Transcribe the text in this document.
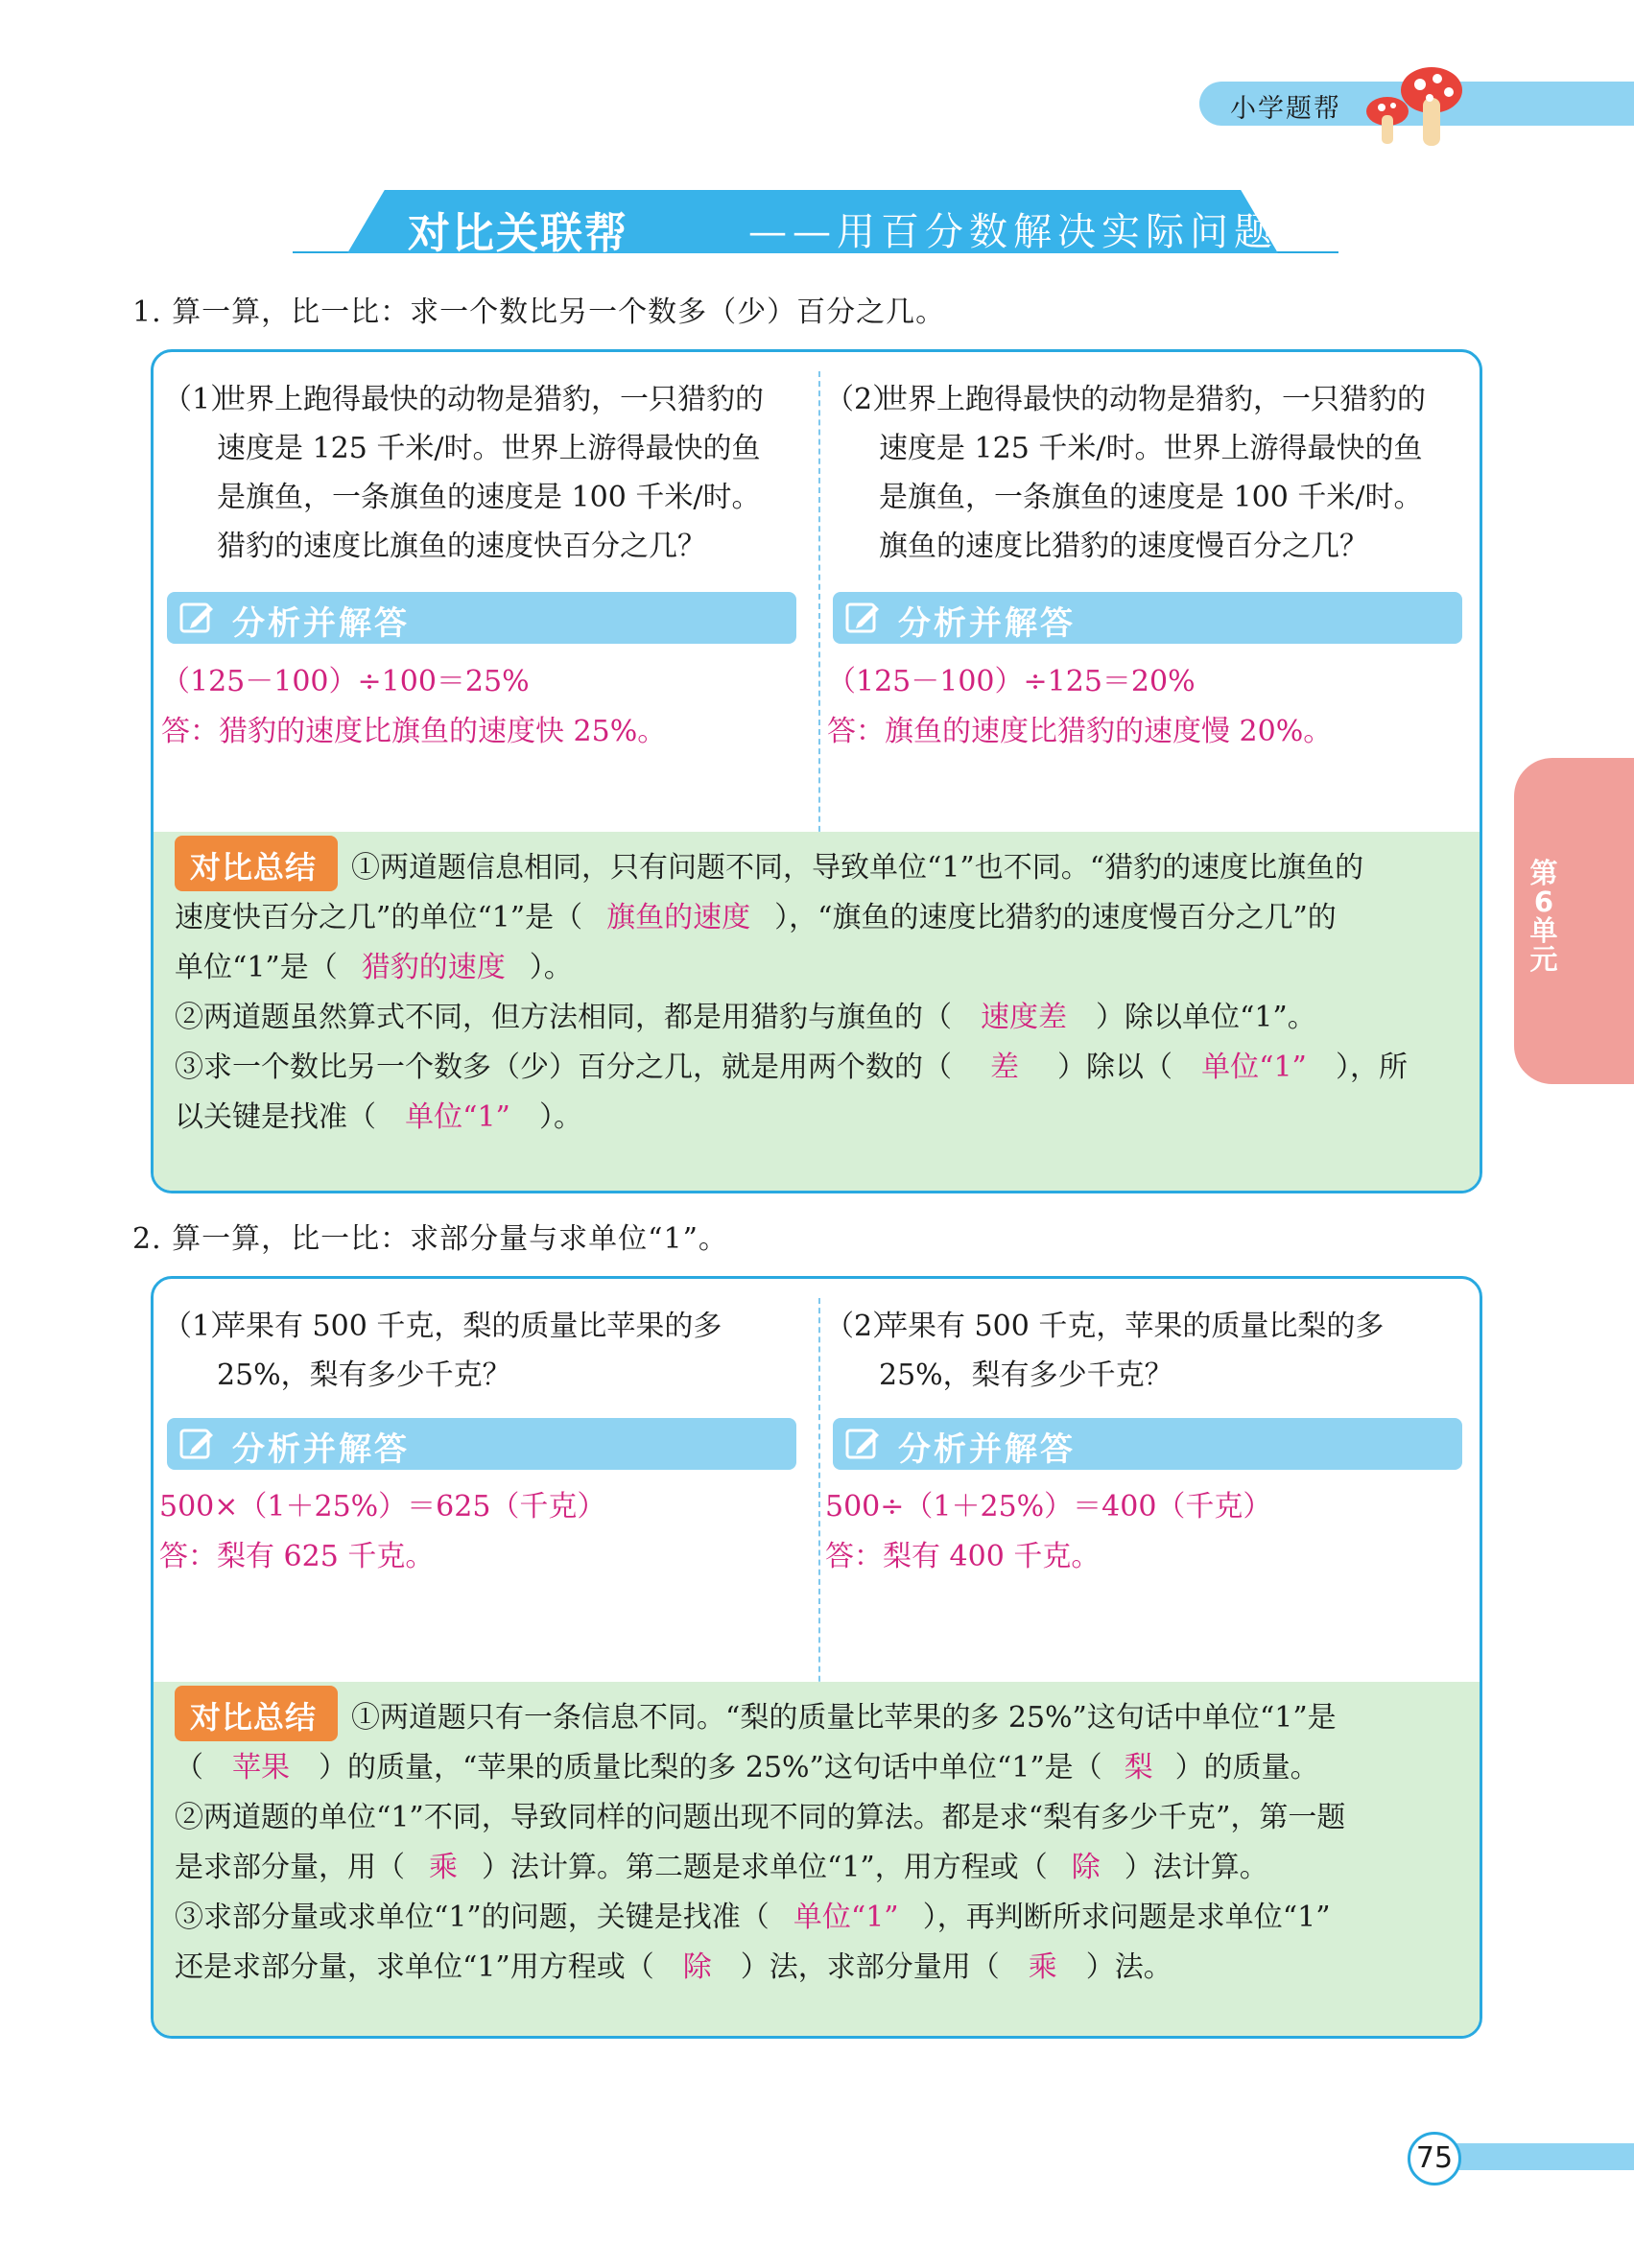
小学题帮
第6单元
对比关联帮	——用百分数解决实际问题
1. 算一算，比一比：求一个数比另一个数多（少）百分之几。
（1）
世界上跑得最快的动物是猎豹，一只猎豹的
速度是 125 千米/时。世界上游得最快的鱼
是旗鱼，一条旗鱼的速度是 100 千米/时。
猎豹的速度比旗鱼的速度快百分之几？
分析并解答
（125－100）÷100＝25%
答：猎豹的速度比旗鱼的速度快 25%。
（2）
世界上跑得最快的动物是猎豹，一只猎豹的
速度是 125 千米/时。世界上游得最快的鱼
是旗鱼，一条旗鱼的速度是 100 千米/时。
旗鱼的速度比猎豹的速度慢百分之几？
分析并解答
（125－100）÷125＝20%
答：旗鱼的速度比猎豹的速度慢 20%。
对比总结 ①两道题信息相同，只有问题不同，导致单位“1”也不同。“猎豹的速度比旗鱼的
速度快百分之几”的单位“1”是（ 旗鱼的速度 ），“旗鱼的速度比猎豹的速度慢百分之几”的
单位“1”是（ 猎豹的速度 ）。
②两道题虽然算式不同，但方法相同，都是用猎豹与旗鱼的（ 速度差 ）除以单位“1”。
③求一个数比另一个数多（少）百分之几，就是用两个数的（ 差 ）除以（ 单位“1” ），所
以关键是找准（ 单位“1” ）。
2. 算一算，比一比：求部分量与求单位“1”。
（1）
苹果有 500 千克，梨的质量比苹果的多
25%，梨有多少千克？
分析并解答
500×（1＋25%）＝625（千克）
答：梨有 625 千克。
（2）
苹果有 500 千克，苹果的质量比梨的多
25%，梨有多少千克？
分析并解答
500÷（1＋25%）＝400（千克）
答：梨有 400 千克。
对比总结 ①两道题只有一条信息不同。“梨的质量比苹果的多 25%”这句话中单位“1”是
（ 苹果 ）的质量，“苹果的质量比梨的多 25%”这句话中单位“1”是（ 梨 ）的质量。
②两道题的单位“1”不同，导致同样的问题出现不同的算法。都是求“梨有多少千克”，第一题
是求部分量，用（ 乘 ）法计算。第二题是求单位“1”，用方程或（ 除 ）法计算。
③求部分量或求单位“1”的问题，关键是找准（ 单位“1” ），再判断所求问题是求单位“1”
还是求部分量，求单位“1”用方程或（ 除 ）法，求部分量用（ 乘 ）法。
75
